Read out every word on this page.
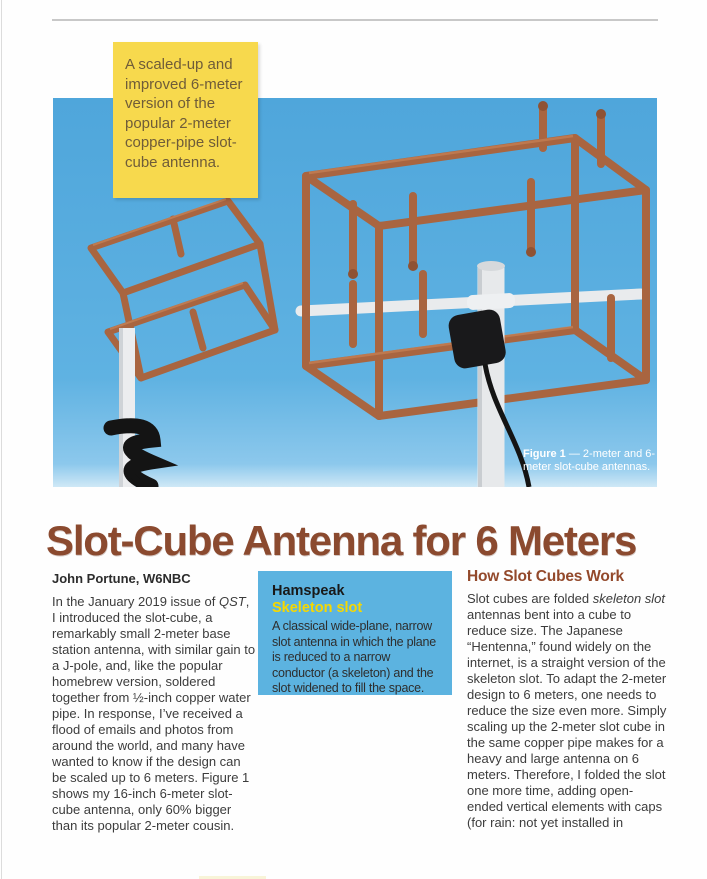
Figure 1 — 2-meter and 6-meter slot-cube antennas.
A scaled-up and improved 6-meter version of the popular 2-meter copper-pipe slot-cube antenna.
Slot-Cube Antenna for 6 Meters

John Portune, W6NBC

In the January 2019 issue of QST, I introduced the slot-cube, a remarkably small 2-meter base station antenna, with similar gain to a J-pole, and, like the popular homebrew version, soldered together from ½-inch copper water pipe. In response, I’ve received a flood of emails and photos from around the world, and many have wanted to know if the design can be scaled up to 6 meters. Figure 1 shows my 16-inch 6-meter slot-cube antenna, only 60% bigger than its popular 2-meter cousin.

Hamspeak

Skeleton slot

A classical wide-plane, narrow slot antenna in which the plane is reduced to a narrow conductor (a skeleton) and the slot widened to fill the space.

How Slot Cubes Work

Slot cubes are folded skeleton slot antennas bent into a cube to reduce size. The Japanese “Hentenna,” found widely on the internet, is a straight version of the skeleton slot. To adapt the 2-meter design to 6 meters, one needs to reduce the size even more. Simply scaling up the 2-meter slot cube in the same copper pipe makes for a heavy and large antenna on 6 meters. Therefore, I folded the slot one more time, adding open-ended vertical elements with caps (for rain: not yet installed in
